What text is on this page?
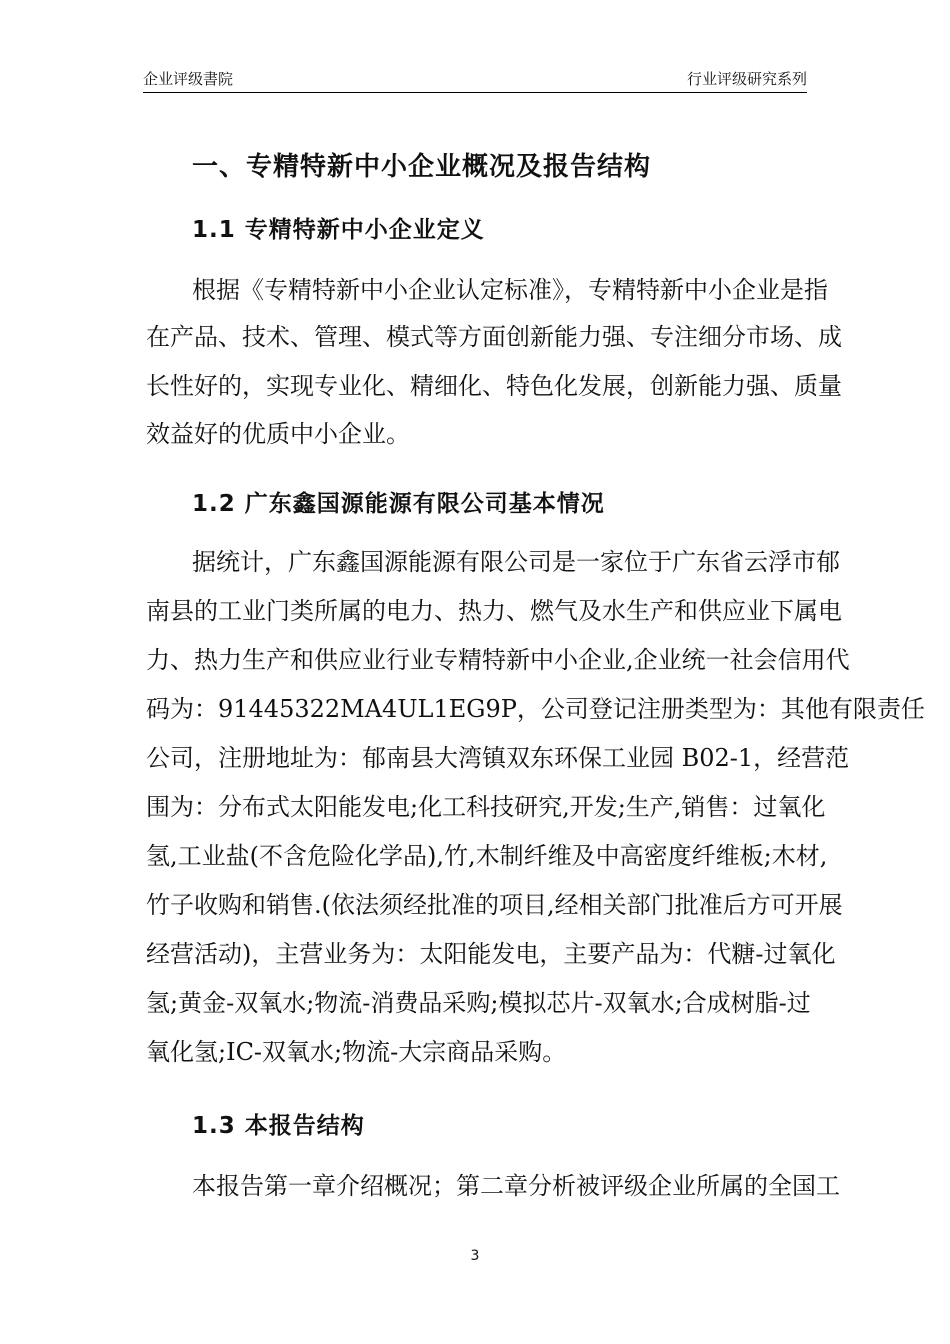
企业评级書院	行业评级研究系列
一、专精特新中小企业概况及报告结构
1.1 专精特新中小企业定义
根据《专精特新中小企业认定标准》，专精特新中小企业是指
在产品、技术、管理、模式等方面创新能力强、专注细分市场、成
长性好的，实现专业化、精细化、特色化发展，创新能力强、质量
效益好的优质中小企业。
1.2 广东鑫国源能源有限公司基本情况
据统计，广东鑫国源能源有限公司是一家位于广东省云浮市郁
南县的工业门类所属的电力、热力、燃气及水生产和供应业下属电
力、热力生产和供应业行业专精特新中小企业,企业统一社会信用代
码为：91445322MA4UL1EG9P，公司登记注册类型为：其他有限责任
公司，注册地址为：郁南县大湾镇双东环保工业园 B02-1，经营范
围为：分布式太阳能发电;化工科技研究,开发;生产,销售：过氧化
氢,工业盐(不含危险化学品),竹,木制纤维及中高密度纤维板;木材,
竹子收购和销售.(依法须经批准的项目,经相关部门批准后方可开展
经营活动)，主营业务为：太阳能发电，主要产品为：代糖-过氧化
氢;黄金-双氧水;物流-消费品采购;模拟芯片-双氧水;合成树脂-过
氧化氢;IC-双氧水;物流-大宗商品采购。
1.3 本报告结构
本报告第一章介绍概况；第二章分析被评级企业所属的全国工
3
